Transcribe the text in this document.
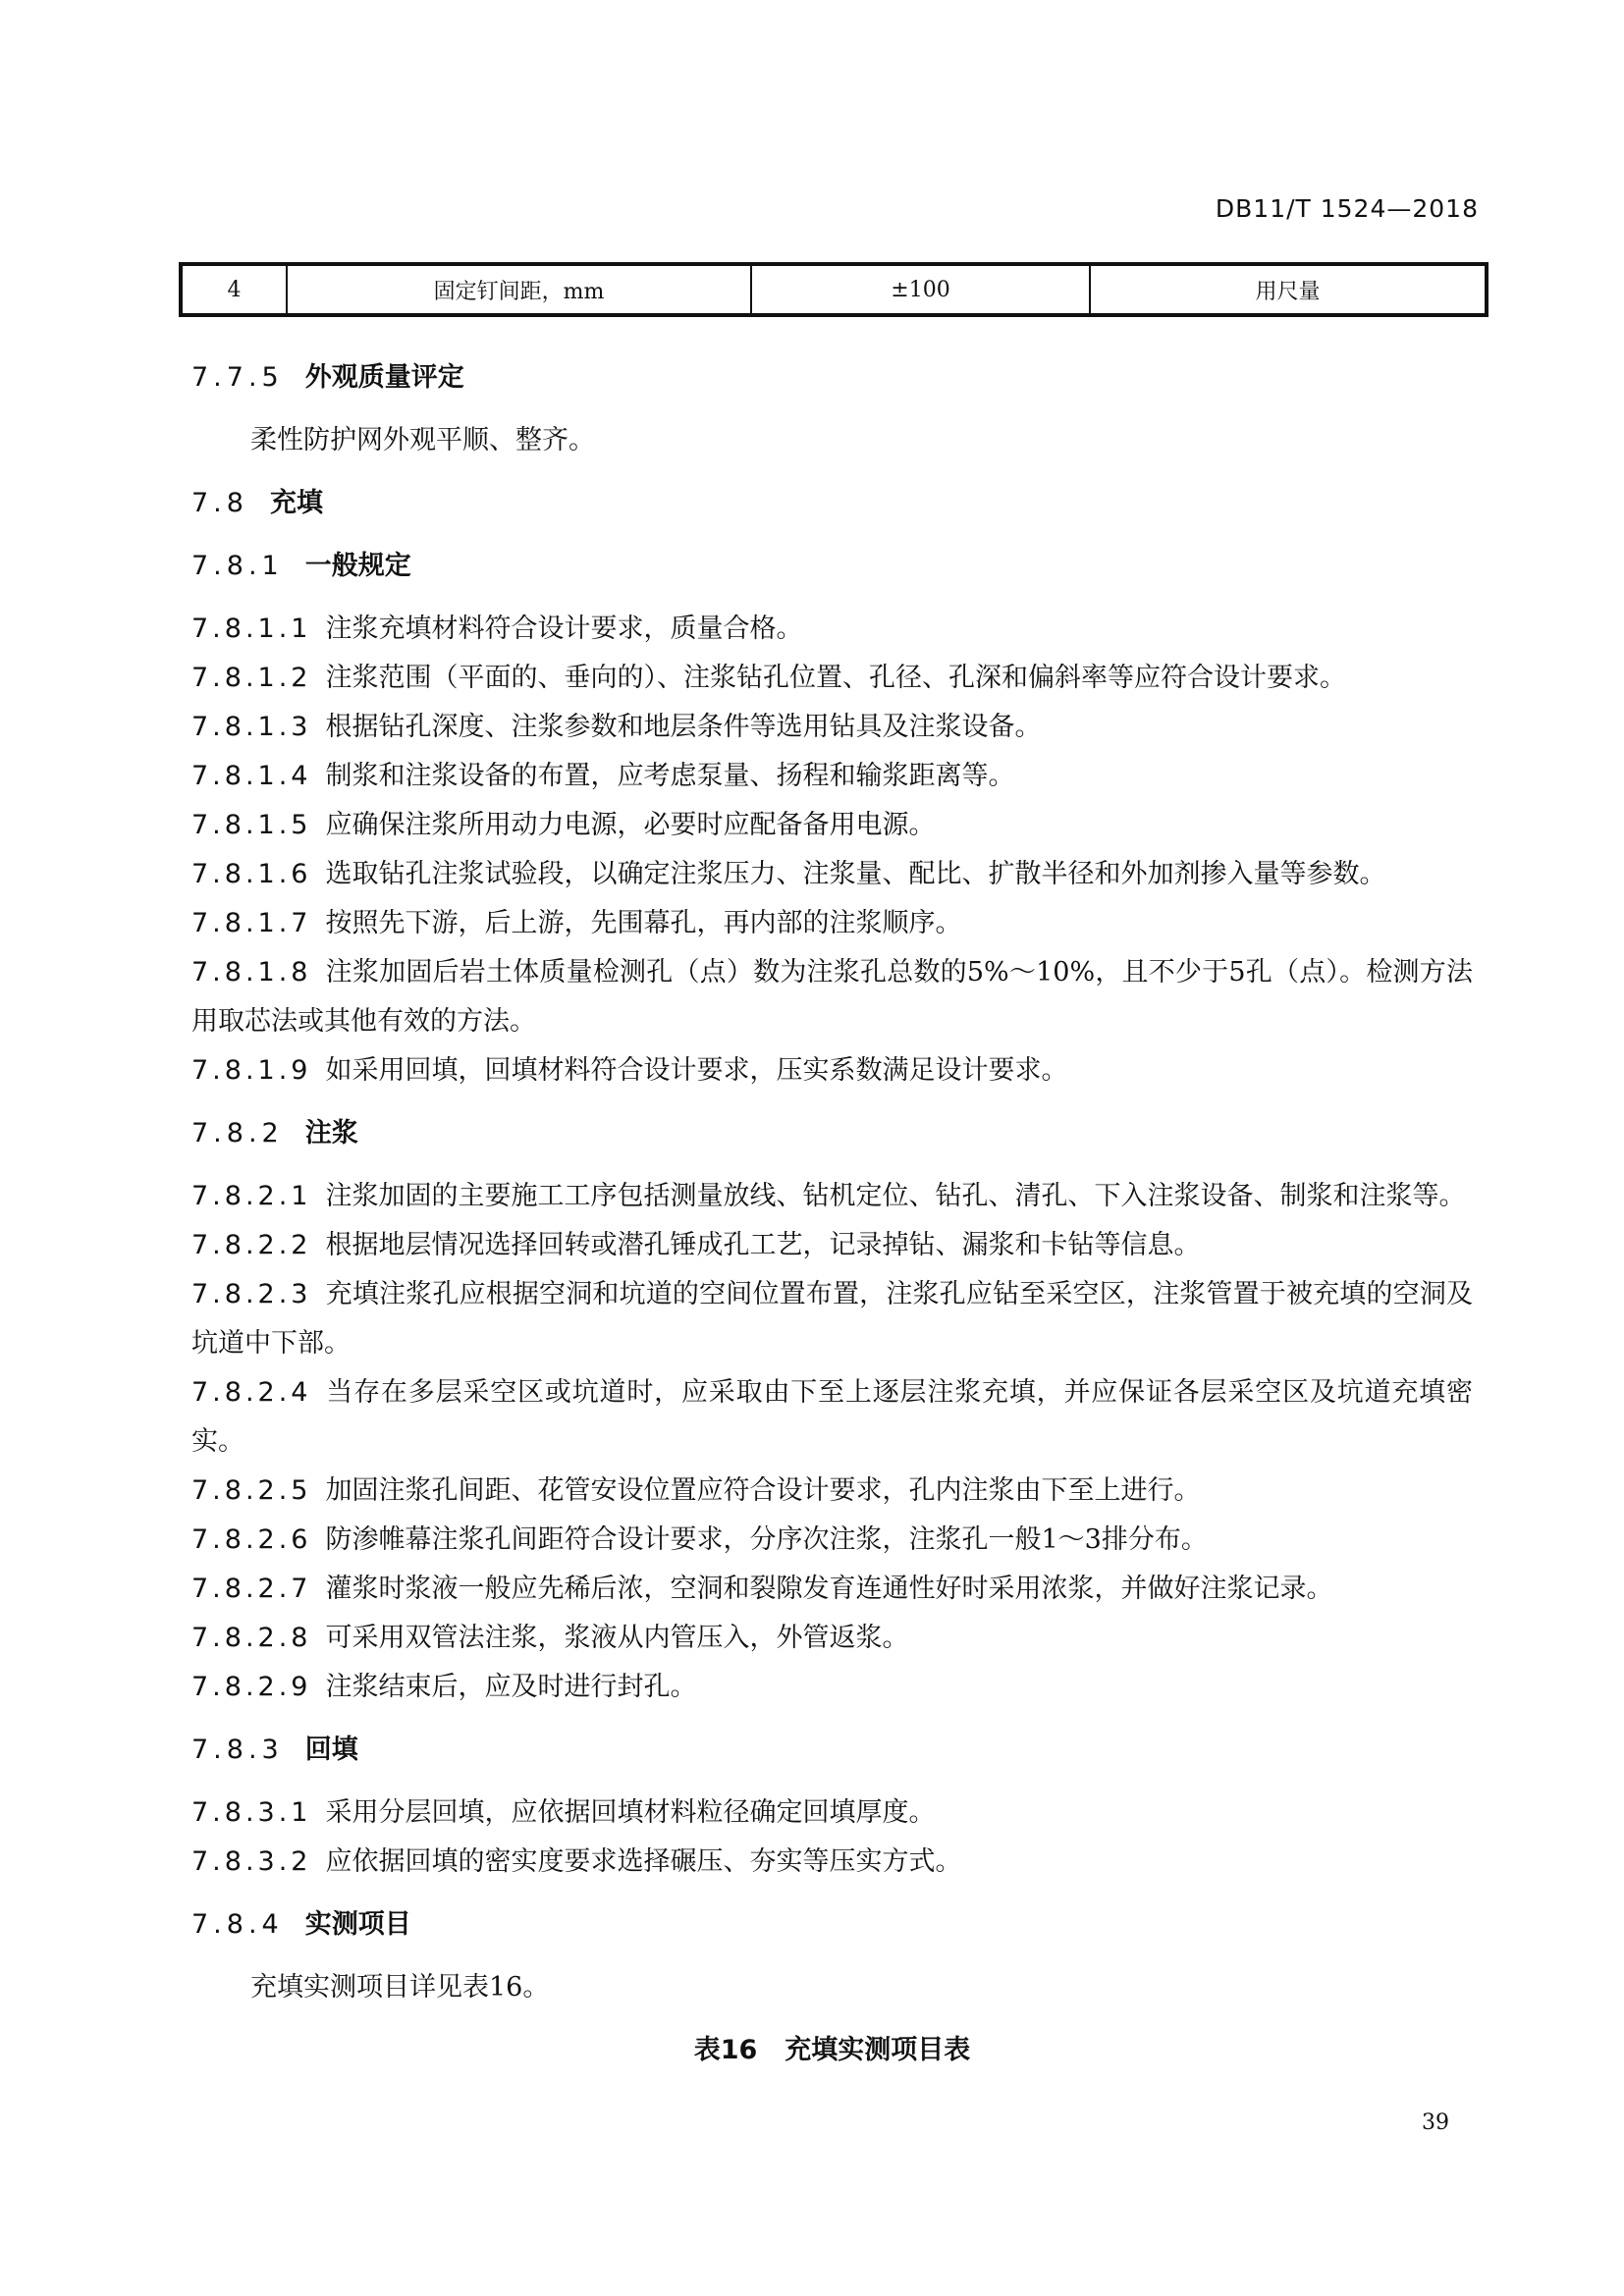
DB11/T 1524—2018
4	固定钉间距，mm	±100	用尺量
7.7.5 外观质量评定
柔性防护网外观平顺、整齐。
7.8 充填
7.8.1 一般规定
7.8.1.1 注浆充填材料符合设计要求，质量合格。
7.8.1.2 注浆范围（平面的、垂向的）、注浆钻孔位置、孔径、孔深和偏斜率等应符合设计要求。
7.8.1.3 根据钻孔深度、注浆参数和地层条件等选用钻具及注浆设备。
7.8.1.4 制浆和注浆设备的布置，应考虑泵量、扬程和输浆距离等。
7.8.1.5 应确保注浆所用动力电源，必要时应配备备用电源。
7.8.1.6 选取钻孔注浆试验段，以确定注浆压力、注浆量、配比、扩散半径和外加剂掺入量等参数。
7.8.1.7 按照先下游，后上游，先围幕孔，再内部的注浆顺序。
7.8.1.8 注浆加固后岩土体质量检测孔（点）数为注浆孔总数的5%～10%，且不少于5孔（点）。检测方法用取芯法或其他有效的方法。
7.8.1.9 如采用回填，回填材料符合设计要求，压实系数满足设计要求。
7.8.2 注浆
7.8.2.1 注浆加固的主要施工工序包括测量放线、钻机定位、钻孔、清孔、下入注浆设备、制浆和注浆等。
7.8.2.2 根据地层情况选择回转或潜孔锤成孔工艺，记录掉钻、漏浆和卡钻等信息。
7.8.2.3 充填注浆孔应根据空洞和坑道的空间位置布置，注浆孔应钻至采空区，注浆管置于被充填的空洞及坑道中下部。
7.8.2.4 当存在多层采空区或坑道时，应采取由下至上逐层注浆充填，并应保证各层采空区及坑道充填密实。
7.8.2.5 加固注浆孔间距、花管安设位置应符合设计要求，孔内注浆由下至上进行。
7.8.2.6 防渗帷幕注浆孔间距符合设计要求，分序次注浆，注浆孔一般1～3排分布。
7.8.2.7 灌浆时浆液一般应先稀后浓，空洞和裂隙发育连通性好时采用浓浆，并做好注浆记录。
7.8.2.8 可采用双管法注浆，浆液从内管压入，外管返浆。
7.8.2.9 注浆结束后，应及时进行封孔。
7.8.3 回填
7.8.3.1 采用分层回填，应依据回填材料粒径确定回填厚度。
7.8.3.2 应依据回填的密实度要求选择碾压、夯实等压实方式。
7.8.4 实测项目
充填实测项目详见表16。
表16 充填实测项目表
39
